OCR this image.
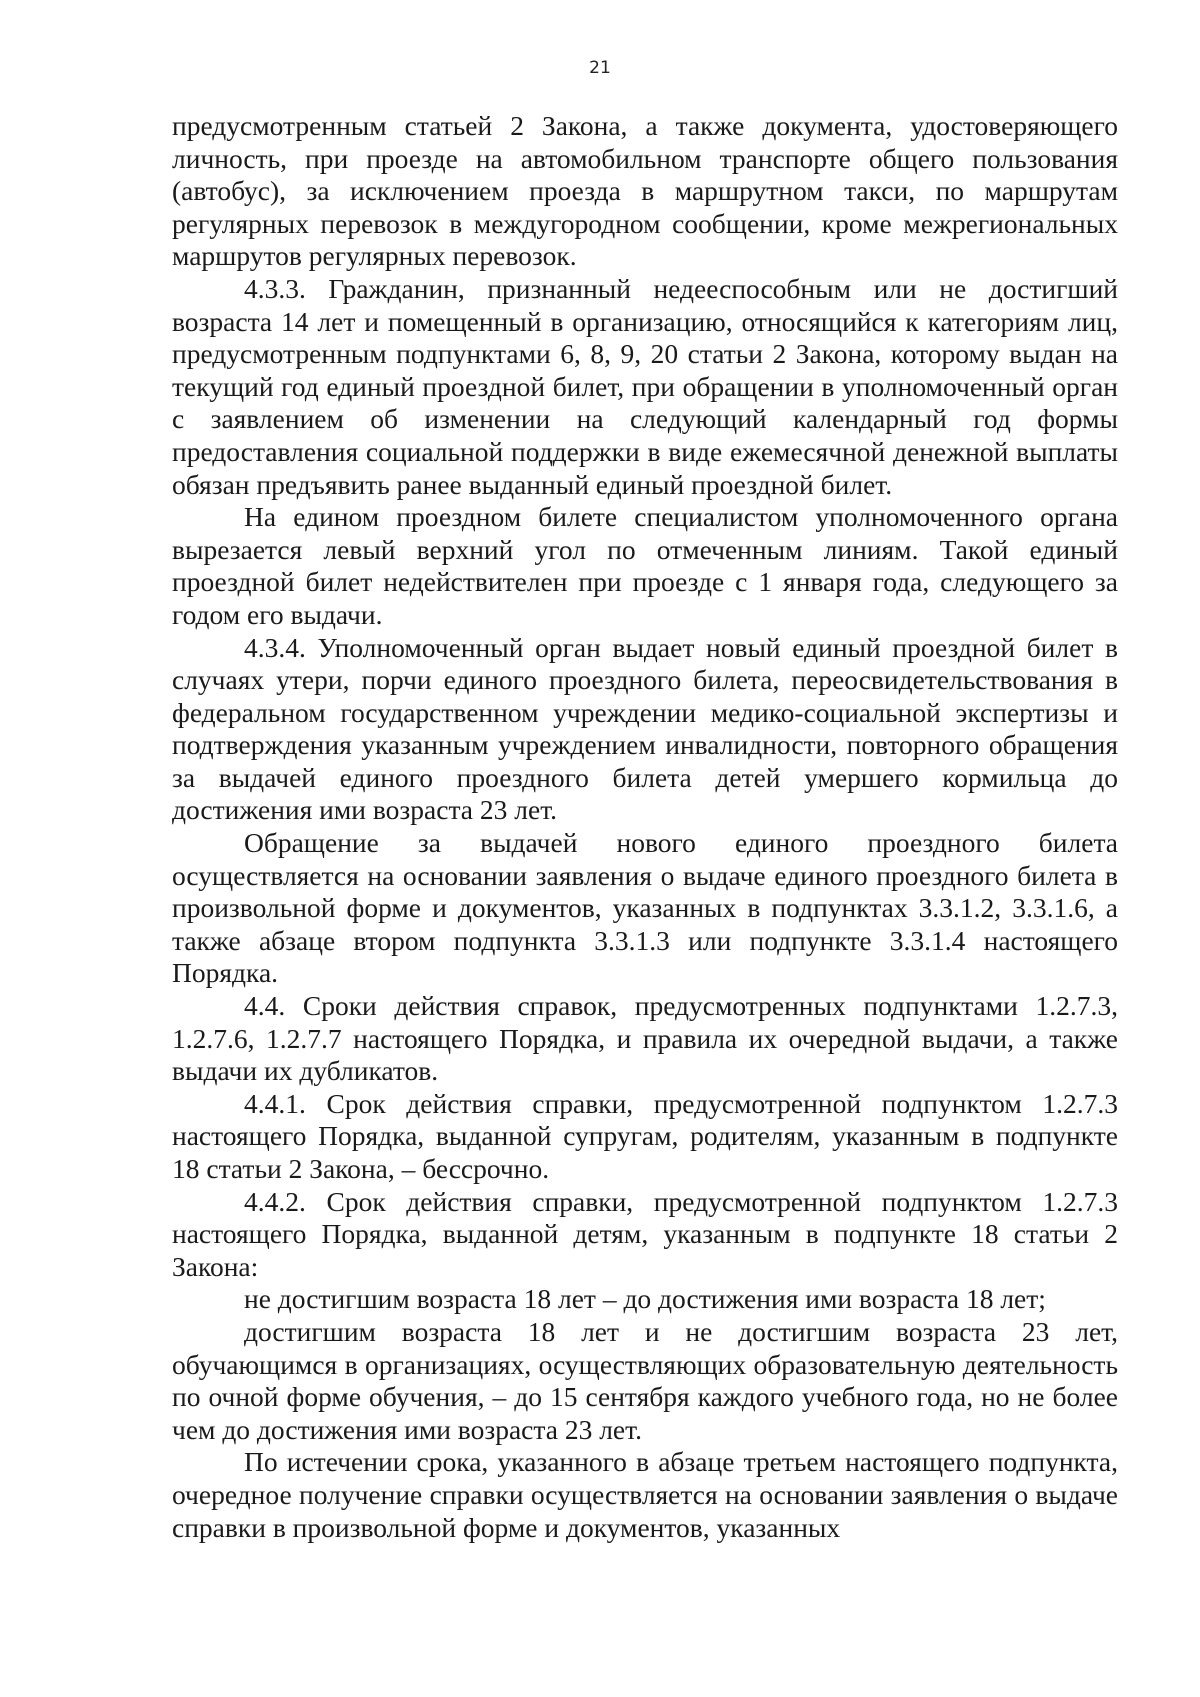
21

предусмотренным статьей 2 Закона, а также документа, удостоверяющего личность, при проезде на автомобильном транспорте общего пользования (автобус), за исключением проезда в маршрутном такси, по маршрутам регулярных перевозок в междугородном сообщении, кроме межрегиональных маршрутов регулярных перевозок.

4.3.3. Гражданин, признанный недееспособным или не достигший возраста 14 лет и помещенный в организацию, относящийся к категориям лиц, предусмотренным подпунктами 6, 8, 9, 20 статьи 2 Закона, которому выдан на текущий год единый проездной билет, при обращении в уполномоченный орган с заявлением об изменении на следующий календарный год формы предоставления социальной поддержки в виде ежемесячной денежной выплаты обязан предъявить ранее выданный единый проездной билет.

На едином проездном билете специалистом уполномоченного органа вырезается левый верхний угол по отмеченным линиям. Такой единый проездной билет недействителен при проезде с 1 января года, следующего за годом его выдачи.

4.3.4. Уполномоченный орган выдает новый единый проездной билет в случаях утери, порчи единого проездного билета, переосвидетельствования в федеральном государственном учреждении медико-социальной экспертизы и подтверждения указанным учреждением инвалидности, повторного обращения за выдачей единого проездного билета детей умершего кормильца до достижения ими возраста 23 лет.

Обращение за выдачей нового единого проездного билета осуществляется на основании заявления о выдаче единого проездного билета в произвольной форме и документов, указанных в подпунктах 3.3.1.2, 3.3.1.6, а также абзаце втором подпункта 3.3.1.3 или подпункте 3.3.1.4 настоящего Порядка.

4.4. Сроки действия справок, предусмотренных подпунктами 1.2.7.3, 1.2.7.6, 1.2.7.7 настоящего Порядка, и правила их очередной выдачи, а также выдачи их дубликатов.

4.4.1. Срок действия справки, предусмотренной подпунктом 1.2.7.3 настоящего Порядка, выданной супругам, родителям, указанным в подпункте 18 статьи 2 Закона, – бессрочно.

4.4.2. Срок действия справки, предусмотренной подпунктом 1.2.7.3 настоящего Порядка, выданной детям, указанным в подпункте 18 статьи 2 Закона:

не достигшим возраста 18 лет – до достижения ими возраста 18 лет;

достигшим возраста 18 лет и не достигшим возраста 23 лет, обучающимся в организациях, осуществляющих образовательную деятельность по очной форме обучения, – до 15 сентября каждого учебного года, но не более чем до достижения ими возраста 23 лет.

По истечении срока, указанного в абзаце третьем настоящего подпункта, очередное получение справки осуществляется на основании заявления о выдаче справки в произвольной форме и документов, указанных
